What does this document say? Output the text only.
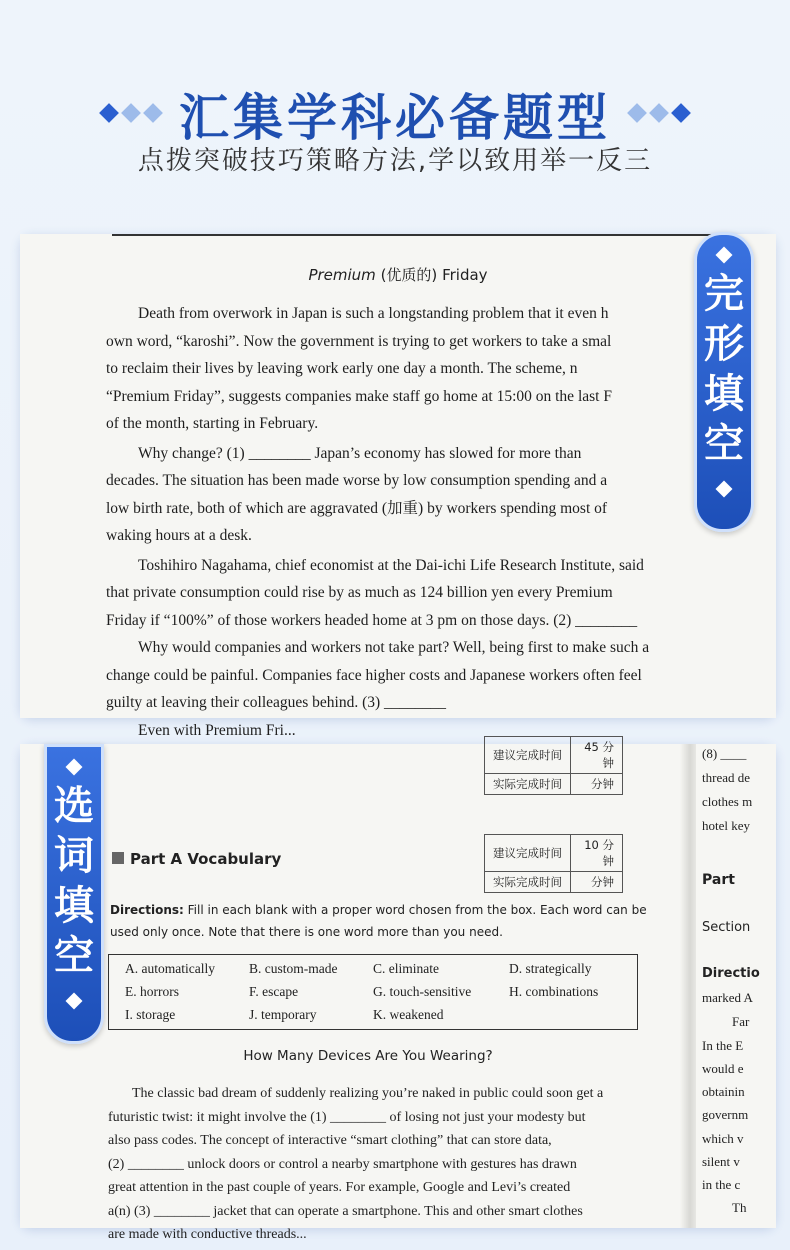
汇集学科必备题型
点拨突破技巧策略方法,学以致用举一反三
Premium (优质的) Friday
Death from overwork in Japan is such a longstanding problem that it even h
own word, “karoshi”. Now the government is trying to get workers to take a smal
to reclaim their lives by leaving work early one day a month. The scheme, n
“Premium Friday”, suggests companies make staff go home at 15:00 on the last F
of the month, starting in February.
Why change? (1) ________ Japan’s economy has slowed for more than
decades. The situation has been made worse by low consumption spending and a
low birth rate, both of which are aggravated (加重) by workers spending most of
waking hours at a desk.
Toshihiro Nagahama, chief economist at the Dai-ichi Life Research Institute, said
that private consumption could rise by as much as 124 billion yen every Premium
Friday if “100%” of those workers headed home at 3 pm on those days. (2) ________
Why would companies and workers not take part? Well, being first to make such a
change could be painful. Companies face higher costs and Japanese workers often feel
guilty at leaving their colleagues behind. (3) ________
Even with Premium Fri...
完
形
填
空
建议完成时间	45 分钟
实际完成时间	分钟
Part A Vocabulary	建议完成时间	10 分钟
实际完成时间	分钟
Directions: Fill in each blank with a proper word chosen from the box. Each word can be
used only once. Note that there is one word more than you need.
A. automatically	B. custom-made	C. eliminate	D. strategically
E. horrors	F. escape	G. touch-sensitive	H. combinations
I. storage	J. temporary	K. weakened
How Many Devices Are You Wearing?
The classic bad dream of suddenly realizing you’re naked in public could soon get a
futuristic twist: it might involve the (1) ________ of losing not just your modesty but
also pass codes. The concept of interactive “smart clothing” that can store data,
(2) ________ unlock doors or control a nearby smartphone with gestures has drawn
great attention in the past couple of years. For example, Google and Levi’s created
a(n) (3) ________ jacket that can operate a smartphone. This and other smart clothes
are made with conductive threads...
(8) ____
thread de
clothes m
hotel key
Part
Section
Directio
marked A
Far
In the E
would e
obtainin
governm
which v
silent v
in the c
Th
选
词
填
空
